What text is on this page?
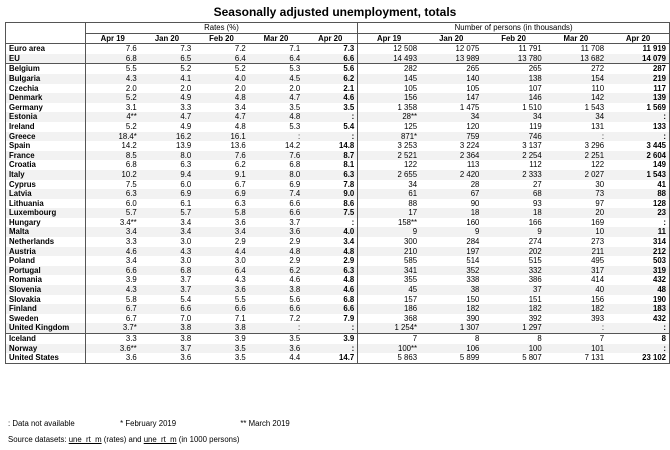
Seasonally adjusted unemployment, totals
	Rates (%)					Number of persons (in thousands)				
	Apr 19	Jan 20	Feb 20	Mar 20	Apr 20	Apr 19	Jan 20	Feb 20	Mar 20	Apr 20
Euro area	7.6	7.3	7.2	7.1	7.3	12 508	12 075	11 791	11 708	11 919
EU	6.8	6.5	6.4	6.4	6.6	14 493	13 989	13 780	13 682	14 079
Belgium	5.5	5.2	5.2	5.3	5.6	282	265	265	272	287
Bulgaria	4.3	4.1	4.0	4.5	6.2	145	140	138	154	219
Czechia	2.0	2.0	2.0	2.0	2.1	105	105	107	110	117
Denmark	5.2	4.9	4.8	4.7	4.6	156	147	146	142	139
Germany	3.1	3.3	3.4	3.5	3.5	1 358	1 475	1 510	1 543	1 569
Estonia	4**	4.7	4.7	4.8	:	28**	34	34	34	:
Ireland	5.2	4.9	4.8	5.3	5.4	125	120	119	131	133
Greece	18.4*	16.2	16.1	:	:	871*	759	746	:	:
Spain	14.2	13.9	13.6	14.2	14.8	3 253	3 224	3 137	3 296	3 445
France	8.5	8.0	7.6	7.6	8.7	2 521	2 364	2 254	2 251	2 604
Croatia	6.8	6.3	6.2	6.8	8.1	122	113	112	122	149
Italy	10.2	9.4	9.1	8.0	6.3	2 655	2 420	2 333	2 027	1 543
Cyprus	7.5	6.0	6.7	6.9	7.8	34	28	27	30	41
Latvia	6.3	6.9	6.9	7.4	9.0	61	67	68	73	88
Lithuania	6.0	6.1	6.3	6.6	8.6	88	90	93	97	128
Luxembourg	5.7	5.7	5.8	6.6	7.5	17	18	18	20	23
Hungary	3.4**	3.4	3.6	3.7	:	158**	160	166	169	:
Malta	3.4	3.4	3.4	3.6	4.0	9	9	9	10	11
Netherlands	3.3	3.0	2.9	2.9	3.4	300	284	274	273	314
Austria	4.6	4.3	4.4	4.8	4.8	210	197	202	211	212
Poland	3.4	3.0	3.0	2.9	2.9	585	514	515	495	503
Portugal	6.6	6.8	6.4	6.2	6.3	341	352	332	317	319
Romania	3.9	3.7	4.3	4.6	4.8	355	338	386	414	432
Slovenia	4.3	3.7	3.6	3.8	4.6	45	38	37	40	48
Slovakia	5.8	5.4	5.5	5.6	6.8	157	150	151	156	190
Finland	6.7	6.6	6.6	6.6	6.6	186	182	182	182	183
Sweden	6.7	7.0	7.1	7.2	7.9	368	390	392	393	432
United Kingdom	3.7*	3.8	3.8	:	:	1 254*	1 307	1 297	:	:
Iceland	3.3	3.8	3.9	3.5	3.9	7	8	8	7	8
Norway	3.6**	3.7	3.5	3.6	:	100**	106	100	101	:
United States	3.6	3.6	3.5	4.4	14.7	5 863	5 899	5 807	7 131	23 102
: Data not available	* February 2019	** March 2019
Source datasets: une_rt_m (rates) and une_rt_m (in 1000 persons)
